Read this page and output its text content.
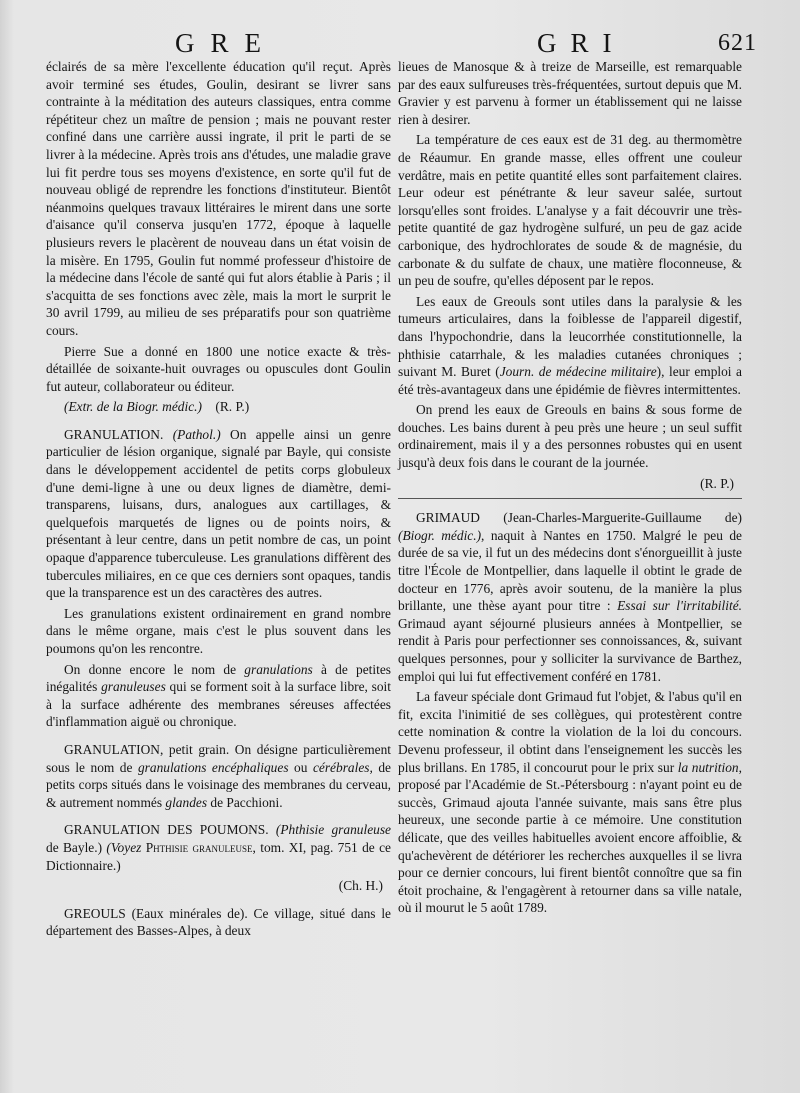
GRE	GRI	621

éclairés de sa mère l'excellente éducation qu'il reçut. Après avoir terminé ses études, Goulin, desirant se livrer sans contrainte à la méditation des auteurs classiques, entra comme répétiteur chez un maître de pension ; mais ne pouvant rester confiné dans une carrière aussi ingrate, il prit le parti de se livrer à la médecine. Après trois ans d'études, une maladie grave lui fit perdre tous ses moyens d'existence, en sorte qu'il fut de nouveau obligé de reprendre les fonctions d'instituteur. Bientôt néanmoins quelques travaux littéraires le mirent dans une sorte d'aisance qu'il conserva jusqu'en 1772, époque à laquelle plusieurs revers le placèrent de nouveau dans un état voisin de la misère. En 1795, Goulin fut nommé professeur d'histoire de la médecine dans l'école de santé qui fut alors établie à Paris ; il s'acquitta de ses fonctions avec zèle, mais la mort le surprit le 30 avril 1799, au milieu de ses préparatifs pour son quatrième cours.

Pierre Sue a donné en 1800 une notice exacte & très-détaillée de soixante-huit ouvrages ou opuscules dont Goulin fut auteur, collaborateur ou éditeur.

(Extr. de la Biogr. médic.) (R. P.)

GRANULATION. (Pathol.) On appelle ainsi un genre particulier de lésion organique, signalé par Bayle, qui consiste dans le développement accidentel de petits corps globuleux d'une demi-ligne à une ou deux lignes de diamètre, demi-transparens, luisans, durs, analogues aux cartillages, & quelquefois marquetés de lignes ou de points noirs, & présentant à leur centre, dans un petit nombre de cas, un point opaque d'apparence tuberculeuse. Les granulations diffèrent des tubercules miliaires, en ce que ces derniers sont opaques, tandis que la transparence est un des caractères des autres.

Les granulations existent ordinairement en grand nombre dans le même organe, mais c'est le plus souvent dans les poumons qu'on les rencontre.

On donne encore le nom de granulations à de petites inégalités granuleuses qui se forment soit à la surface libre, soit à la surface adhérente des membranes séreuses affectées d'inflammation aiguë ou chronique.

GRANULATION, petit grain. On désigne particulièrement sous le nom de granulations encéphaliques ou cérébrales, de petits corps situés dans le voisinage des membranes du cerveau, & autrement nommés glandes de Pacchioni.

GRANULATION DES POUMONS. (Phthisie granuleuse de Bayle.) (Voyez Phthisie granuleuse, tom. XI, pag. 751 de ce Dictionnaire.)

(Ch. H.)

GREOULS (Eaux minérales de). Ce village, situé dans le département des Basses-Alpes, à deux

lieues de Manosque & à treize de Marseille, est remarquable par des eaux sulfureuses très-fréquentées, surtout depuis que M. Gravier y est parvenu à former un établissement qui ne laisse rien à desirer.

La température de ces eaux est de 31 deg. au thermomètre de Réaumur. En grande masse, elles offrent une couleur verdâtre, mais en petite quantité elles sont parfaitement claires. Leur odeur est pénétrante & leur saveur salée, surtout lorsqu'elles sont froides. L'analyse y a fait découvrir une très-petite quantité de gaz hydrogène sulfuré, un peu de gaz acide carbonique, des hydrochlorates de soude & de magnésie, du carbonate & du sulfate de chaux, une matière floconneuse, & un peu de soufre, qu'elles déposent par le repos.

Les eaux de Greouls sont utiles dans la paralysie & les tumeurs articulaires, dans la foiblesse de l'appareil digestif, dans l'hypochondrie, dans la leucorrhée constitutionnelle, la phthisie catarrhale, & les maladies cutanées chroniques ; suivant M. Buret (Journ. de médecine militaire), leur emploi a été très-avantageux dans une épidémie de fièvres intermittentes.

On prend les eaux de Greouls en bains & sous forme de douches. Les bains durent à peu près une heure ; un seul suffit ordinairement, mais il y a des personnes robustes qui en usent jusqu'à deux fois dans le courant de la journée.

(R. P.)

GRIMAUD (Jean-Charles-Marguerite-Guillaume de) (Biogr. médic.), naquit à Nantes en 1750. Malgré le peu de durée de sa vie, il fut un des médecins dont s'énorgueillit à juste titre l'École de Montpellier, dans laquelle il obtint le grade de docteur en 1776, après avoir soutenu, de la manière la plus brillante, une thèse ayant pour titre : Essai sur l'irritabilité. Grimaud ayant séjourné plusieurs années à Montpellier, se rendit à Paris pour perfectionner ses connoissances, &, suivant quelques personnes, pour y solliciter la survivance de Barthez, emploi qui lui fut effectivement conféré en 1781.

La faveur spéciale dont Grimaud fut l'objet, & l'abus qu'il en fit, excita l'inimitié de ses collègues, qui protestèrent contre cette nomination & contre la violation de la loi du concours. Devenu professeur, il obtint dans l'enseignement les succès les plus brillans. En 1785, il concourut pour le prix sur la nutrition, proposé par l'Académie de St.-Pétersbourg : n'ayant point eu de succès, Grimaud ajouta l'année suivante, mais sans être plus heureux, une seconde partie à ce mémoire. Une constitution délicate, que des veilles habituelles avoient encore affoiblie, & qu'achevèrent de détériorer les recherches auxquelles il se livra pour ce dernier concours, lui firent bientôt connoître que sa fin étoit prochaine, & l'engagèrent à retourner dans sa ville natale, où il mourut le 5 août 1789.
